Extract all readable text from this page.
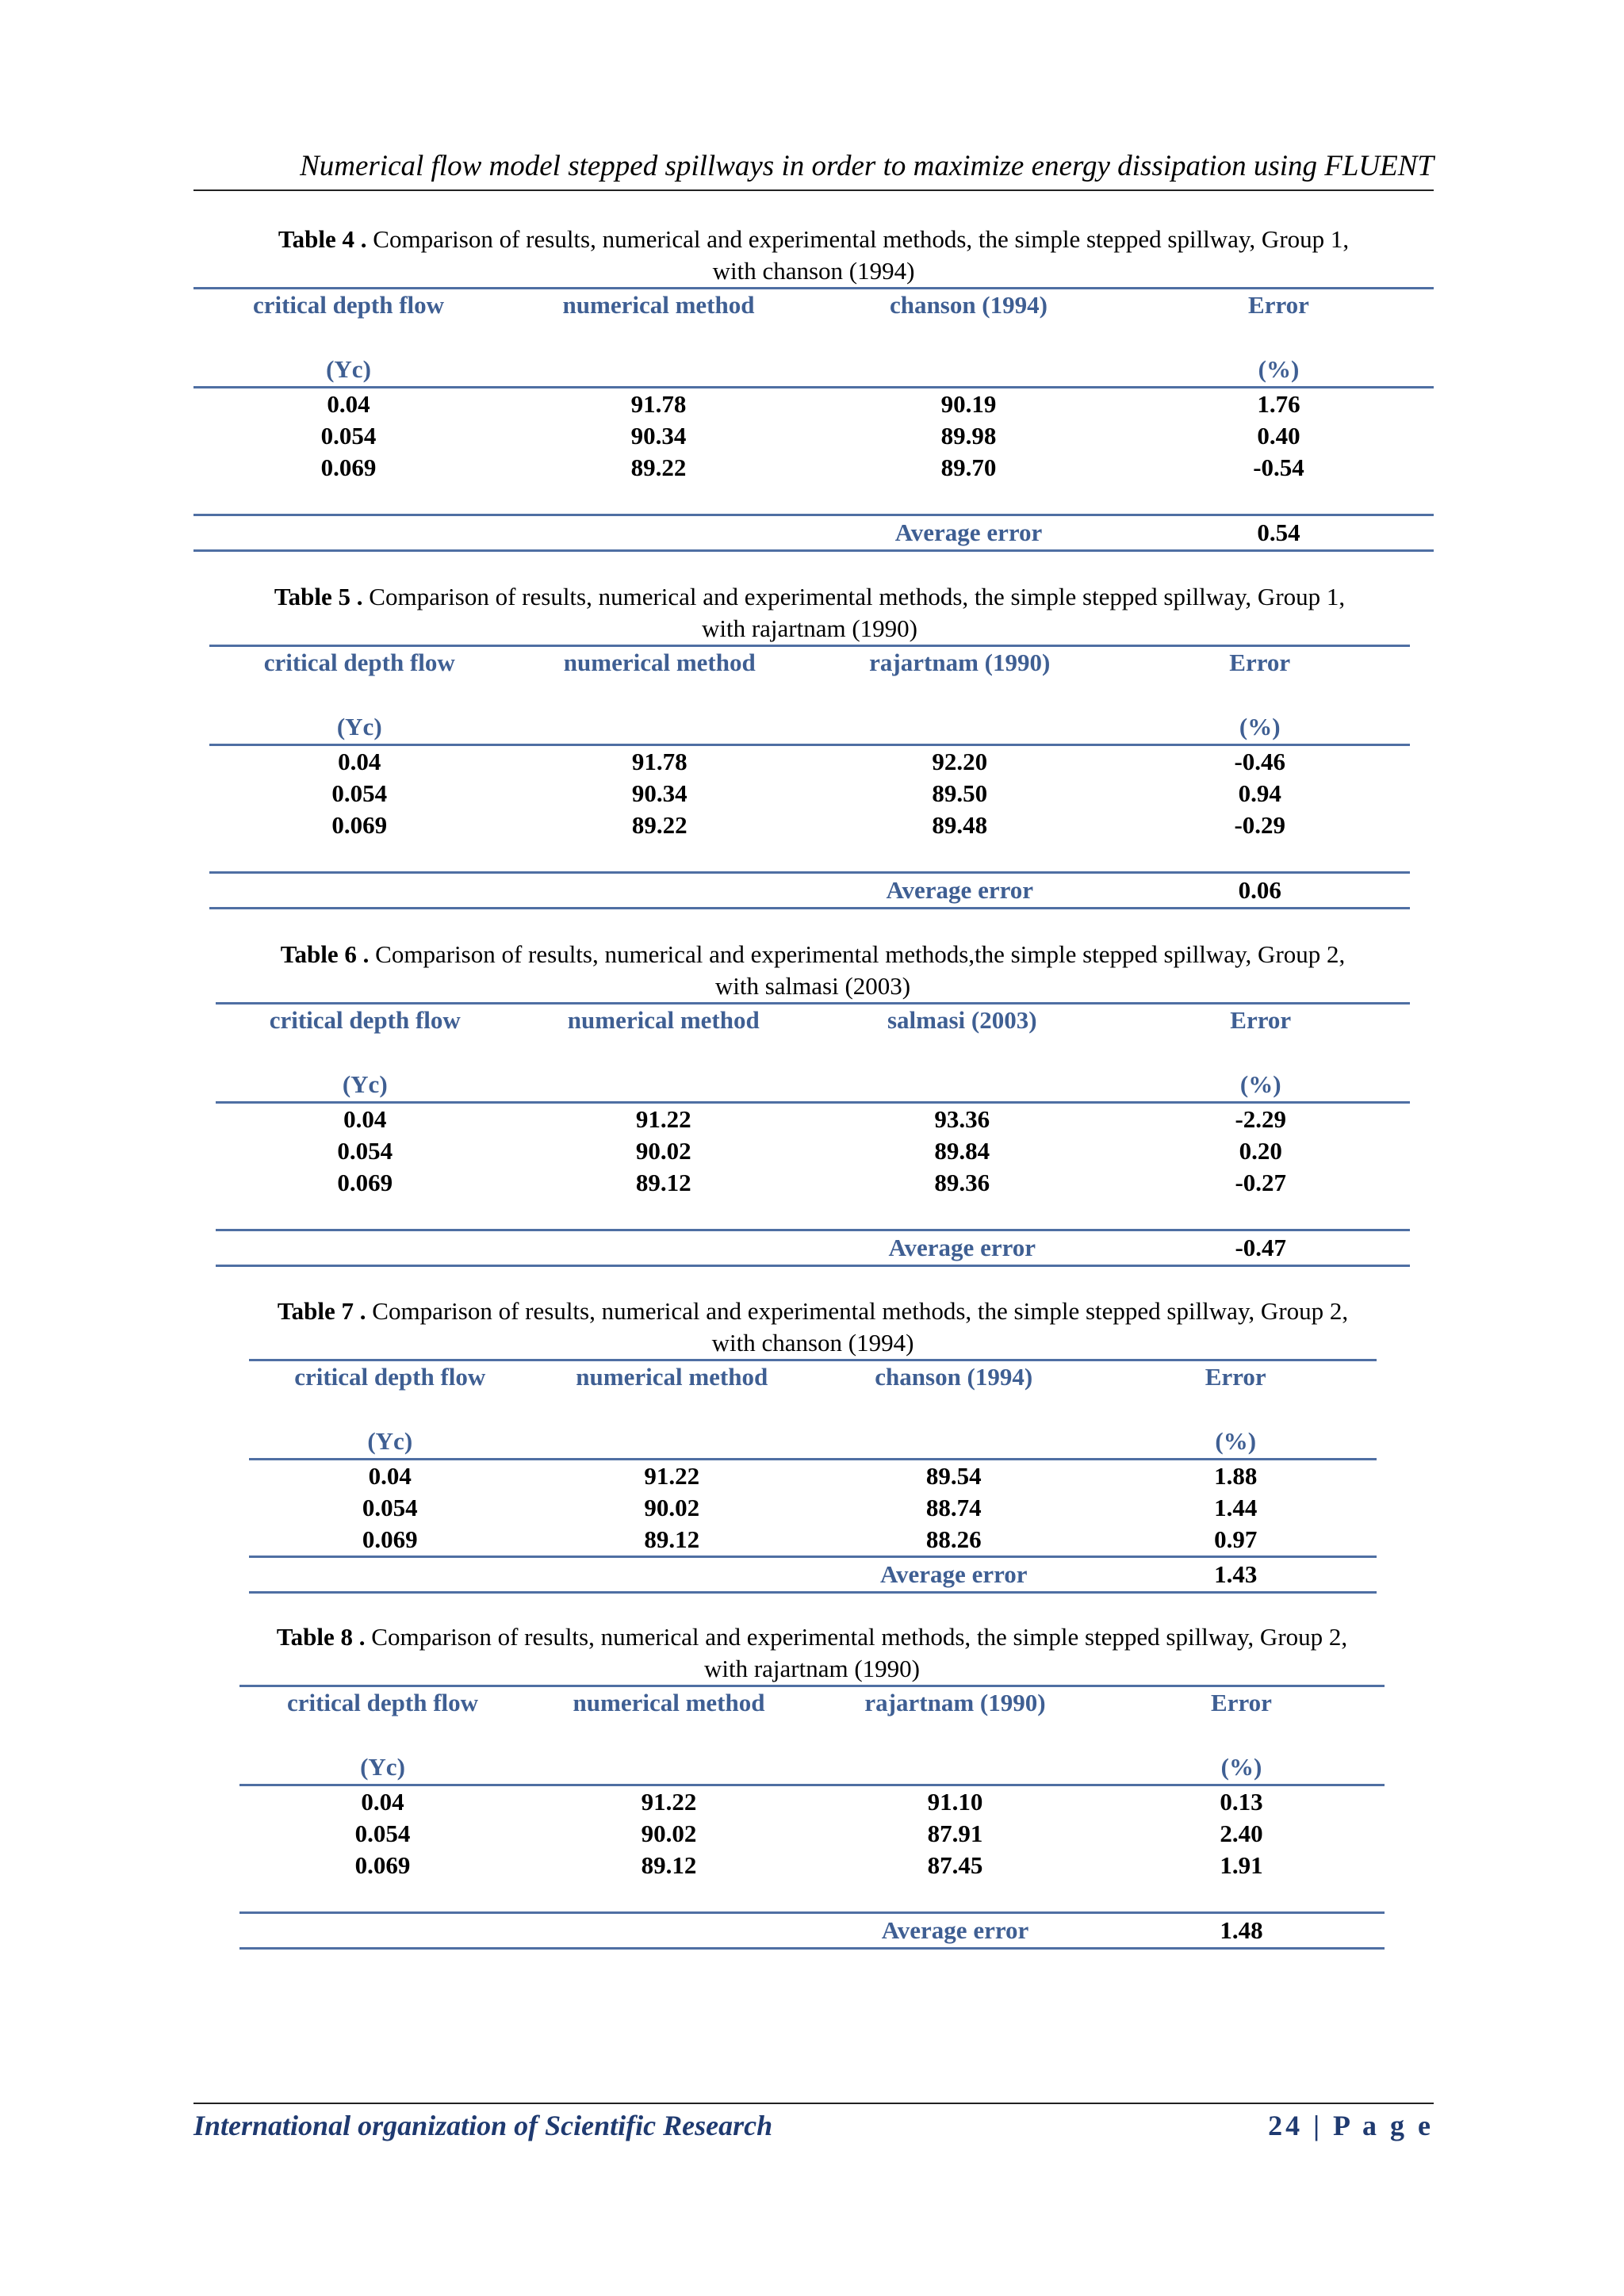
Numerical flow model stepped spillways in order to maximize energy dissipation using FLUENT
Table 4 . Comparison of results, numerical and experimental methods, the simple stepped spillway, Group 1,
with chanson (1994)
critical depth flow	numerical method	chanson (1994)	Error
(Yc)			(%)
0.04	91.78	90.19	1.76
0.054	90.34	89.98	0.40
0.069	89.22	89.70	-0.54

		Average error	0.54
Table 5 . Comparison of results, numerical and experimental methods, the simple stepped spillway, Group 1,
with rajartnam (1990)
critical depth flow	numerical method	rajartnam (1990)	Error
(Yc)			(%)
0.04	91.78	92.20	-0.46
0.054	90.34	89.50	0.94
0.069	89.22	89.48	-0.29

		Average error	0.06
Table 6 . Comparison of results, numerical and experimental methods,the simple stepped spillway, Group 2,
with salmasi (2003)
critical depth flow	numerical method	salmasi (2003)	Error
(Yc)			(%)
0.04	91.22	93.36	-2.29
0.054	90.02	89.84	0.20
0.069	89.12	89.36	-0.27

		Average error	-0.47
Table 7 . Comparison of results, numerical and experimental methods, the simple stepped spillway, Group 2,
with chanson (1994)
critical depth flow	numerical method	chanson (1994)	Error
(Yc)			(%)
0.04	91.22	89.54	1.88
0.054	90.02	88.74	1.44
0.069	89.12	88.26	0.97
		Average error	1.43
Table 8 . Comparison of results, numerical and experimental methods, the simple stepped spillway, Group 2,
with rajartnam (1990)
critical depth flow	numerical method	rajartnam (1990)	Error
(Yc)			(%)
0.04	91.22	91.10	0.13
0.054	90.02	87.91	2.40
0.069	89.12	87.45	1.91

		Average error	1.48
International organization of Scientific Research	24 | P a g e
